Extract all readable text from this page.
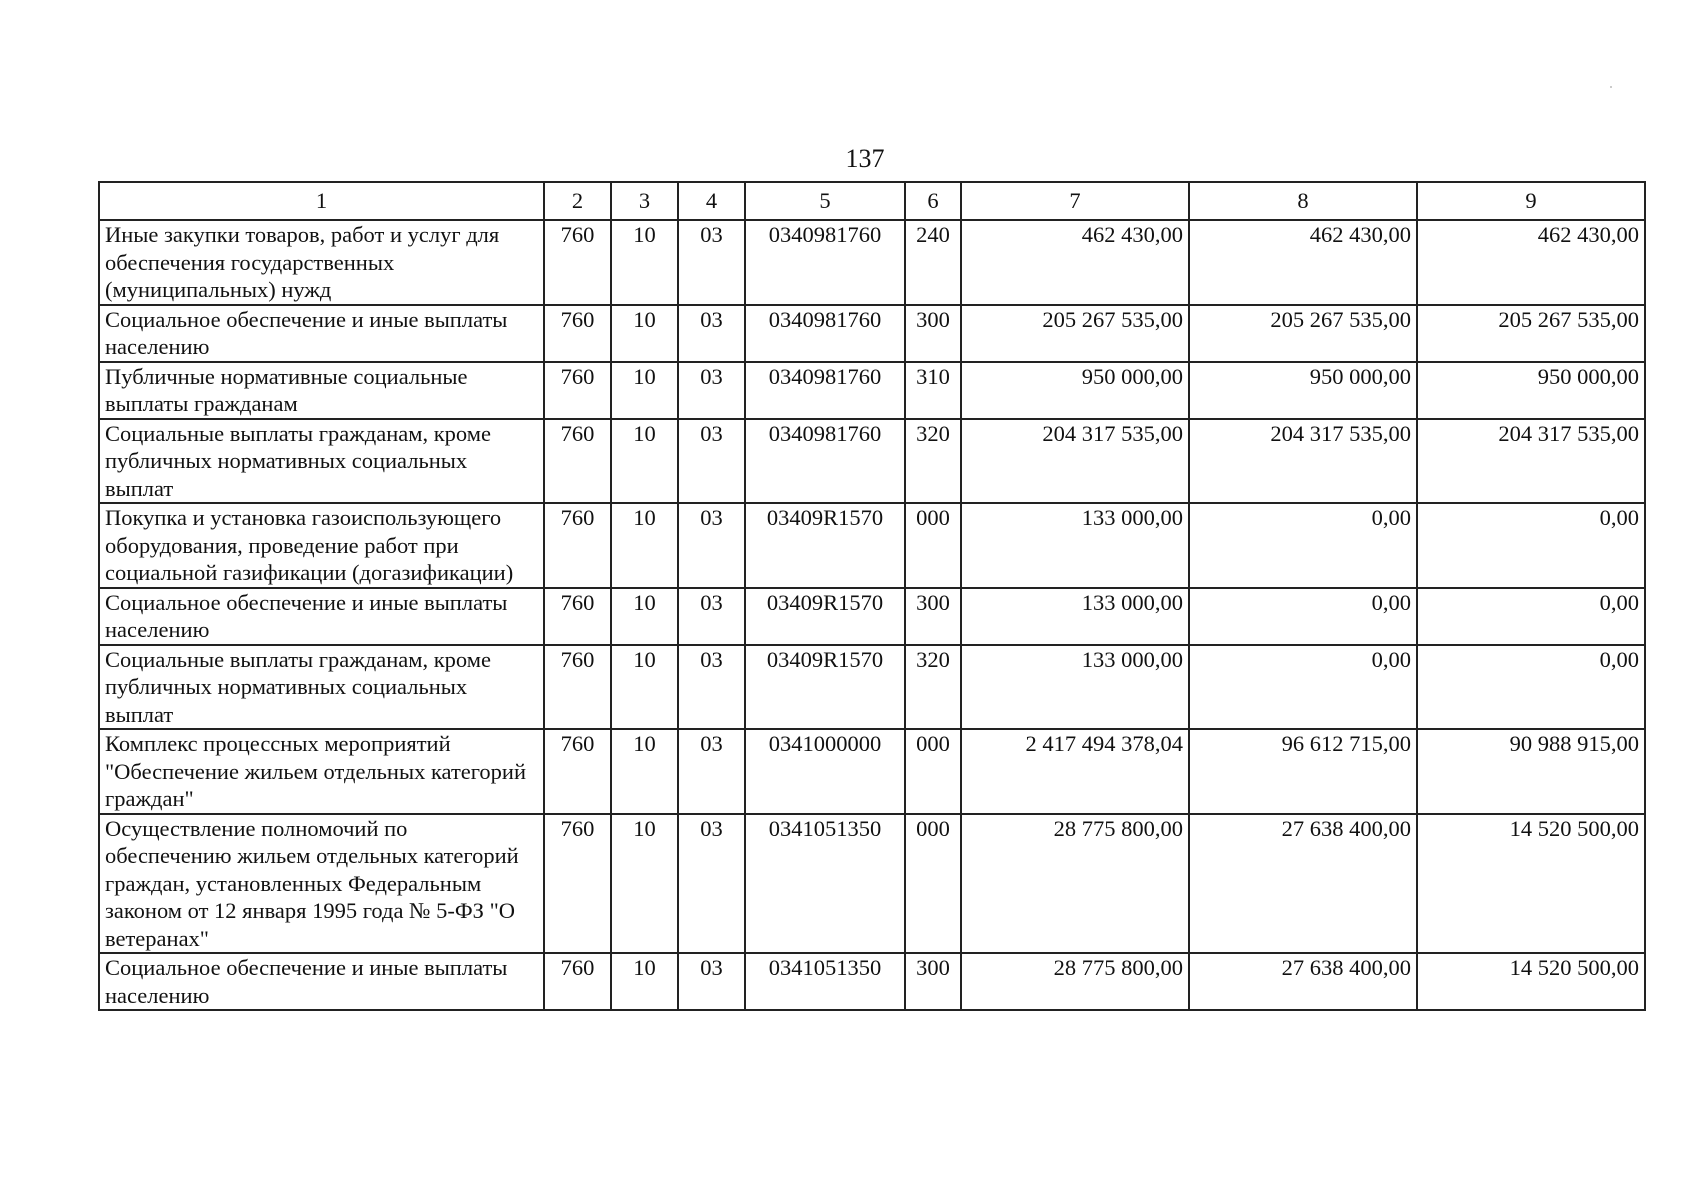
137
1	2	3	4	5	6	7	8	9
Иные закупки товаров, работ и услуг для обеспечения государственных (муниципальных) нужд	760	10	03	0340981760	240	462 430,00	462 430,00	462 430,00
Социальное обеспечение и иные выплаты населению	760	10	03	0340981760	300	205 267 535,00	205 267 535,00	205 267 535,00
Публичные нормативные социальные выплаты гражданам	760	10	03	0340981760	310	950 000,00	950 000,00	950 000,00
Социальные выплаты гражданам, кроме публичных нормативных социальных выплат	760	10	03	0340981760	320	204 317 535,00	204 317 535,00	204 317 535,00
Покупка и установка газоиспользующего оборудования, проведение работ при социальной газификации (догазификации)	760	10	03	03409R1570	000	133 000,00	0,00	0,00
Социальное обеспечение и иные выплаты населению	760	10	03	03409R1570	300	133 000,00	0,00	0,00
Социальные выплаты гражданам, кроме публичных нормативных социальных выплат	760	10	03	03409R1570	320	133 000,00	0,00	0,00
Комплекс процессных мероприятий "Обеспечение жильем отдельных категорий граждан"	760	10	03	0341000000	000	2 417 494 378,04	96 612 715,00	90 988 915,00
Осуществление полномочий по обеспечению жильем отдельных категорий граждан, установленных Федеральным законом от 12 января 1995 года № 5-ФЗ "О ветеранах"	760	10	03	0341051350	000	28 775 800,00	27 638 400,00	14 520 500,00
Социальное обеспечение и иные выплаты населению	760	10	03	0341051350	300	28 775 800,00	27 638 400,00	14 520 500,00
